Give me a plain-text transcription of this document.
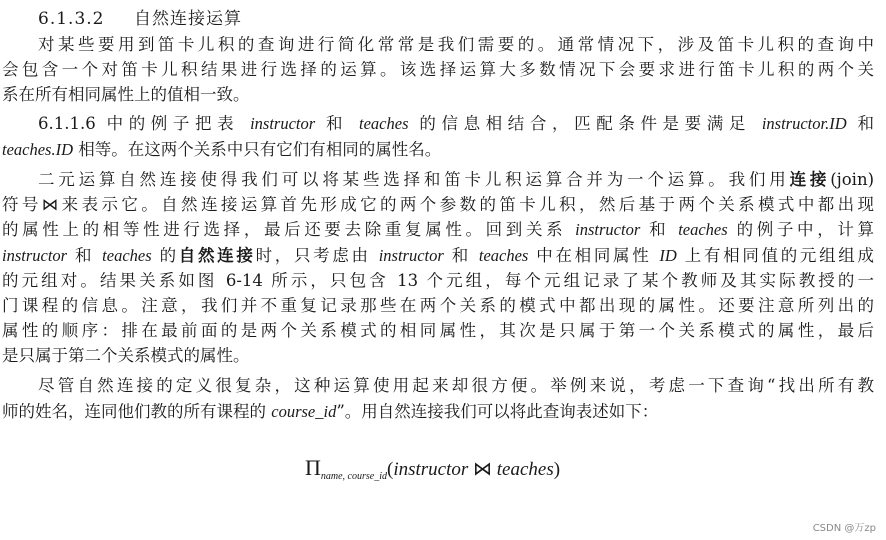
6.1.3.2 自然连接运算
对某些要用到笛卡儿积的查询进行简化常常是我们需要的。通常情况下，涉及笛卡儿积的查询中
会包含一个对笛卡儿积结果进行选择的运算。该选择运算大多数情况下会要求进行笛卡儿积的两个关
系在所有相同属性上的值相一致。
6.1.1.6 中的例子把表 instructor 和 teaches 的信息相结合，匹配条件是要满足 instructor.ID 和
teaches.ID 相等。在这两个关系中只有它们有相同的属性名。
二元运算自然连接使得我们可以将某些选择和笛卡儿积运算合并为一个运算。我们用连接(join)
符号⋈来表示它。自然连接运算首先形成它的两个参数的笛卡儿积，然后基于两个关系模式中都出现
的属性上的相等性进行选择，最后还要去除重复属性。回到关系 instructor 和 teaches 的例子中，计算
instructor 和 teaches 的自然连接时，只考虑由 instructor 和 teaches 中在相同属性 ID 上有相同值的元组组成
的元组对。结果关系如图 6-14 所示，只包含 13 个元组，每个元组记录了某个教师及其实际教授的一
门课程的信息。注意，我们并不重复记录那些在两个关系的模式中都出现的属性。还要注意所列出的
属性的顺序：排在最前面的是两个关系模式的相同属性，其次是只属于第一个关系模式的属性，最后
是只属于第二个关系模式的属性。
尽管自然连接的定义很复杂，这种运算使用起来却很方便。举例来说，考虑一下查询“找出所有教
师的姓名，连同他们教的所有课程的 course_id”。用自然连接我们可以将此查询表述如下：
$\Pi_{name, course\_id}(instructor$ ⋈ teaches)
CSDN @万zp
